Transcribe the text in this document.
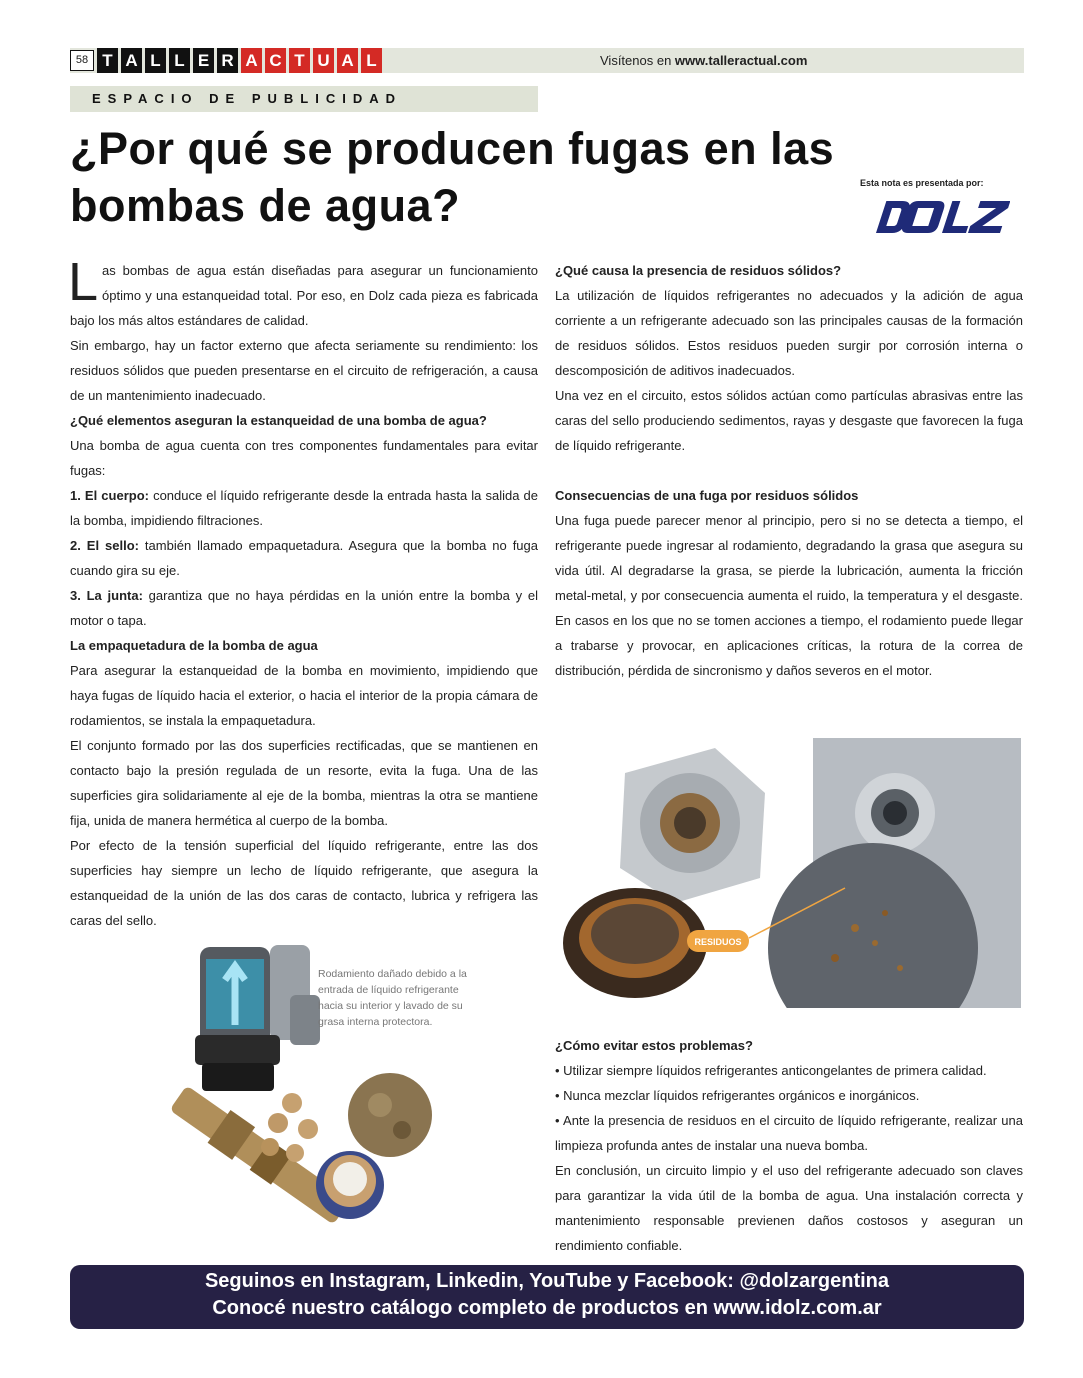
58 T A L L E R A C T U A L	Visítenos en www.talleractual.com
ESPACIO DE PUBLICIDAD
¿Por qué se producen fugas en las
bombas de agua?	Esta nota es presentada por:

Las bombas de agua están diseñadas para asegurar un funcionamiento óptimo y una estanqueidad total. Por eso, en Dolz cada pieza es fabricada bajo los más altos estándares de calidad.

Sin embargo, hay un factor externo que afecta seriamente su rendimiento: los residuos sólidos que pueden presentarse en el circuito de refrigeración, a causa de un mantenimiento inadecuado.

¿Qué elementos aseguran la estanqueidad de una bomba de agua?

Una bomba de agua cuenta con tres componentes fundamentales para evitar fugas:

1. El cuerpo: conduce el líquido refrigerante desde la entrada hasta la salida de la bomba, impidiendo filtraciones.

2. El sello: también llamado empaquetadura. Asegura que la bomba no fuga cuando gira su eje.

3. La junta: garantiza que no haya pérdidas en la unión entre la bomba y el motor o tapa.

La empaquetadura de la bomba de agua

Para asegurar la estanqueidad de la bomba en movimiento, impidiendo que haya fugas de líquido hacia el exterior, o hacia el interior de la propia cámara de rodamientos, se instala la empaquetadura.

El conjunto formado por las dos superficies rectificadas, que se mantienen en contacto bajo la presión regulada de un resorte, evita la fuga. Una de las superficies gira solidariamente al eje de la bomba, mientras la otra se mantiene fija, unida de manera hermética al cuerpo de la bomba.

Por efecto de la tensión superficial del líquido refrigerante, entre las dos superficies hay siempre un lecho de líquido refrigerante, que asegura la estanqueidad de la unión de las dos caras de contacto, lubrica y refrigera las caras del sello.

Rodamiento dañado debido a la entrada de líquido refrigerante hacia su interior y lavado de su grasa interna protectora.

¿Qué causa la presencia de residuos sólidos?

La utilización de líquidos refrigerantes no adecuados y la adición de agua corriente a un refrigerante adecuado son las principales causas de la formación de residuos sólidos. Estos residuos pueden surgir por corrosión interna o descomposición de aditivos inadecuados.

Una vez en el circuito, estos sólidos actúan como partículas abrasivas entre las caras del sello produciendo sedimentos, rayas y desgaste que favorecen la fuga de líquido refrigerante.

Consecuencias de una fuga por residuos sólidos

Una fuga puede parecer menor al principio, pero si no se detecta a tiempo, el refrigerante puede ingresar al rodamiento, degradando la grasa que asegura su vida útil. Al degradarse la grasa, se pierde la lubricación, aumenta la fricción metal-metal, y por consecuencia aumenta el ruido, la temperatura y el desgaste. En casos en los que no se tomen acciones a tiempo, el rodamiento puede llegar a trabarse y provocar, en aplicaciones críticas, la rotura de la correa de distribución, pérdida de sincronismo y daños severos en el motor.

RESIDUOS

¿Cómo evitar estos problemas?

• Utilizar siempre líquidos refrigerantes anticongelantes de primera calidad.

• Nunca mezclar líquidos refrigerantes orgánicos e inorgánicos.

• Ante la presencia de residuos en el circuito de líquido refrigerante, realizar una limpieza profunda antes de instalar una nueva bomba.

En conclusión, un circuito limpio y el uso del refrigerante adecuado son claves para garantizar la vida útil de la bomba de agua. Una instalación correcta y mantenimiento responsable previenen daños costosos y aseguran un rendimiento confiable.

Seguinos en Instagram, Linkedin, YouTube y Facebook: @dolzargentina
Conocé nuestro catálogo completo de productos en www.idolz.com.ar
